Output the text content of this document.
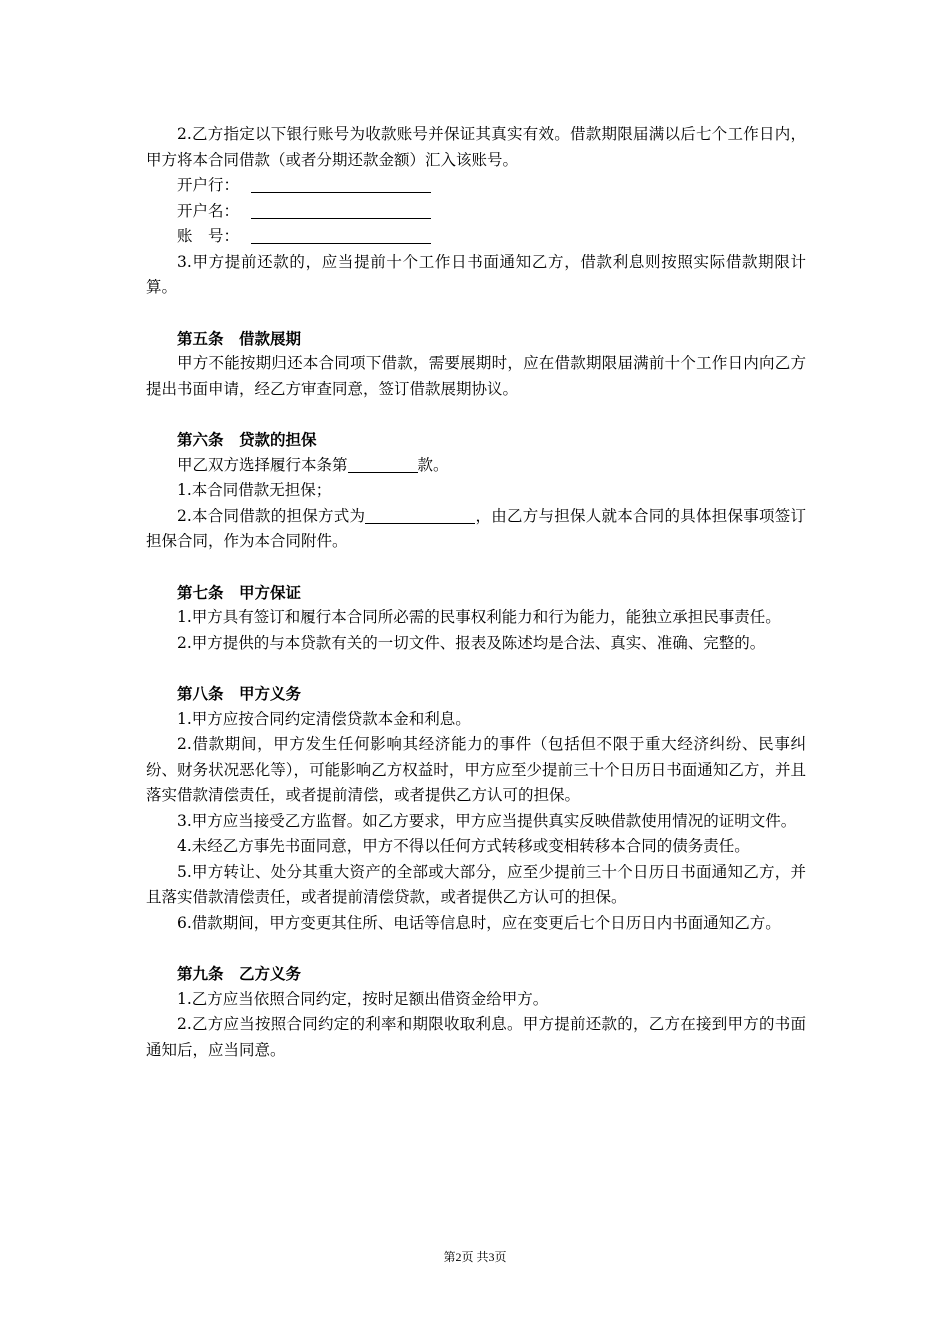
2.乙方指定以下银行账号为收款账号并保证其真实有效。借款期限届满以后七个工作日内，甲方将本合同借款（或者分期还款金额）汇入该账号。

开户行：

开户名：

账　号：

3.甲方提前还款的，应当提前十个工作日书面通知乙方，借款利息则按照实际借款期限计算。

第五条 借款展期

甲方不能按期归还本合同项下借款，需要展期时，应在借款期限届满前十个工作日内向乙方提出书面申请，经乙方审查同意，签订借款展期协议。

第六条 贷款的担保

甲乙双方选择履行本条第	款。

1.本合同借款无担保；

2.本合同借款的担保方式为	，由乙方与担保人就本合同的具体担保事项签订担保合同，作为本合同附件。

第七条 甲方保证

1.甲方具有签订和履行本合同所必需的民事权利能力和行为能力，能独立承担民事责任。

2.甲方提供的与本贷款有关的一切文件、报表及陈述均是合法、真实、准确、完整的。

第八条 甲方义务

1.甲方应按合同约定清偿贷款本金和利息。

2.借款期间，甲方发生任何影响其经济能力的事件（包括但不限于重大经济纠纷、民事纠纷、财务状况恶化等），可能影响乙方权益时，甲方应至少提前三十个日历日书面通知乙方，并且落实借款清偿责任，或者提前清偿，或者提供乙方认可的担保。

3.甲方应当接受乙方监督。如乙方要求，甲方应当提供真实反映借款使用情况的证明文件。

4.未经乙方事先书面同意，甲方不得以任何方式转移或变相转移本合同的债务责任。

5.甲方转让、处分其重大资产的全部或大部分，应至少提前三十个日历日书面通知乙方，并且落实借款清偿责任，或者提前清偿贷款，或者提供乙方认可的担保。

6.借款期间，甲方变更其住所、电话等信息时，应在变更后七个日历日内书面通知乙方。

第九条 乙方义务

1.乙方应当依照合同约定，按时足额出借资金给甲方。

2.乙方应当按照合同约定的利率和期限收取利息。甲方提前还款的，乙方在接到甲方的书面通知后，应当同意。

第2页 共3页
